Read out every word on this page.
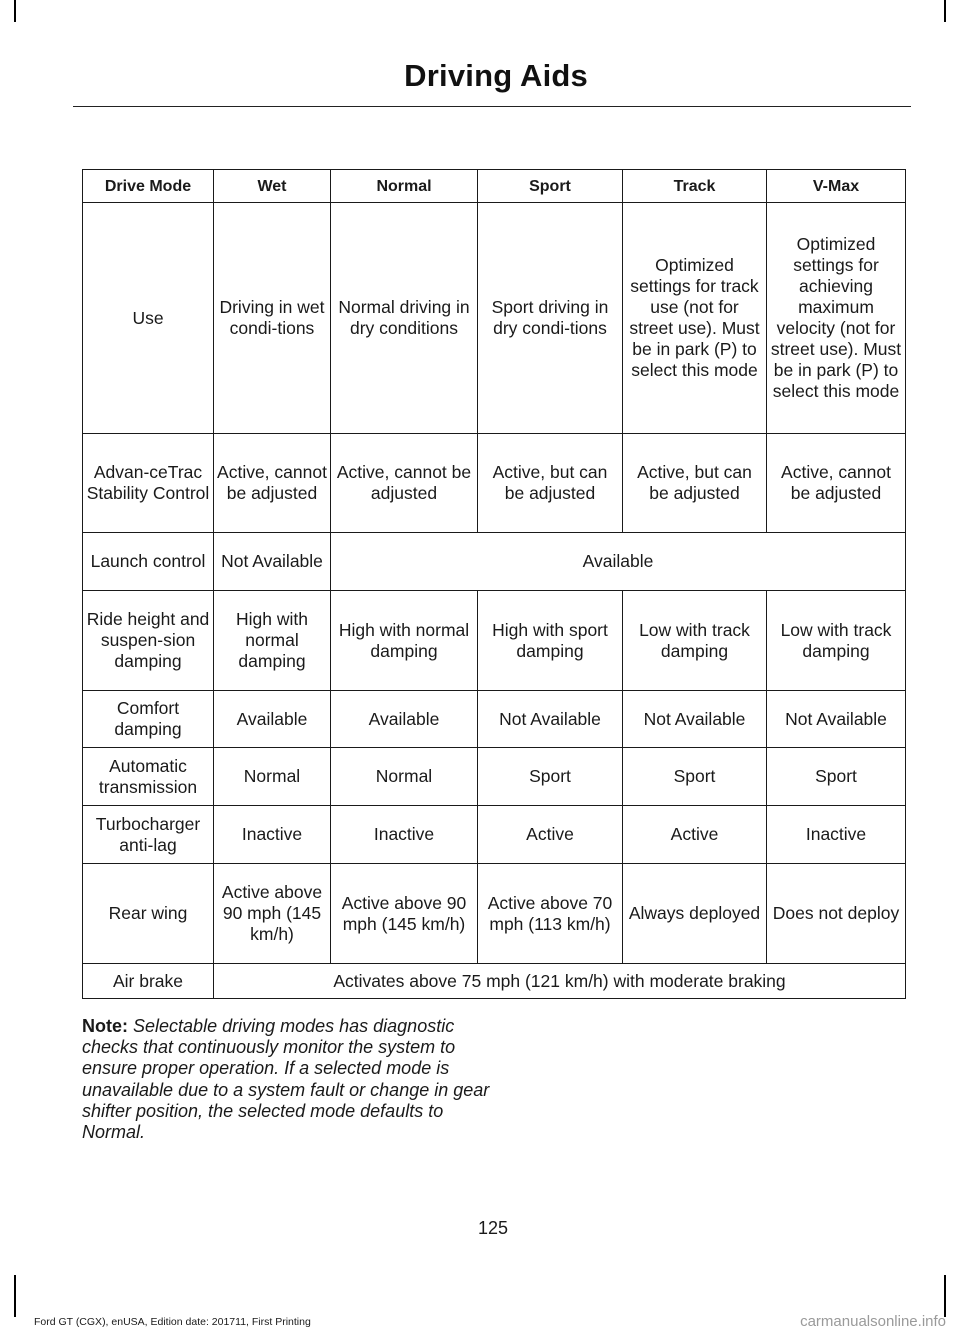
Driving Aids
Drive Mode	Wet	Normal	Sport	Track	V-Max
Use	Driving in wet condi-tions	Normal driving in dry conditions	Sport driving in dry condi-tions	Optimized settings for track use (not for street use). Must be in park (P) to select this mode	Optimized settings for achieving maximum velocity (not for street use). Must be in park (P) to select this mode
Advan-ceTrac Stability Control	Active, cannot be adjusted	Active, cannot be adjusted	Active, but can be adjusted	Active, but can be adjusted	Active, cannot be adjusted
Launch control	Not Available	Available			
Ride height and suspen-sion damping	High with normal damping	High with normal damping	High with sport damping	Low with track damping	Low with track damping
Comfort damping	Available	Available	Not Available	Not Available	Not Available
Automatic transmission	Normal	Normal	Sport	Sport	Sport
Turbocharger anti-lag	Inactive	Inactive	Active	Active	Inactive
Rear wing	Active above 90 mph (145 km/h)	Active above 90 mph (145 km/h)	Active above 70 mph (113 km/h)	Always deployed	Does not deploy
Air brake	Activates above 75 mph (121 km/h) with moderate braking				
Note: Selectable driving modes has diagnostic checks that continuously monitor the system to ensure proper operation. If a selected mode is unavailable due to a system fault or change in gear shifter position, the selected mode defaults to Normal.
125
Ford GT (CGX), enUSA, Edition date: 201711, First Printing	carmanualsonline.info
